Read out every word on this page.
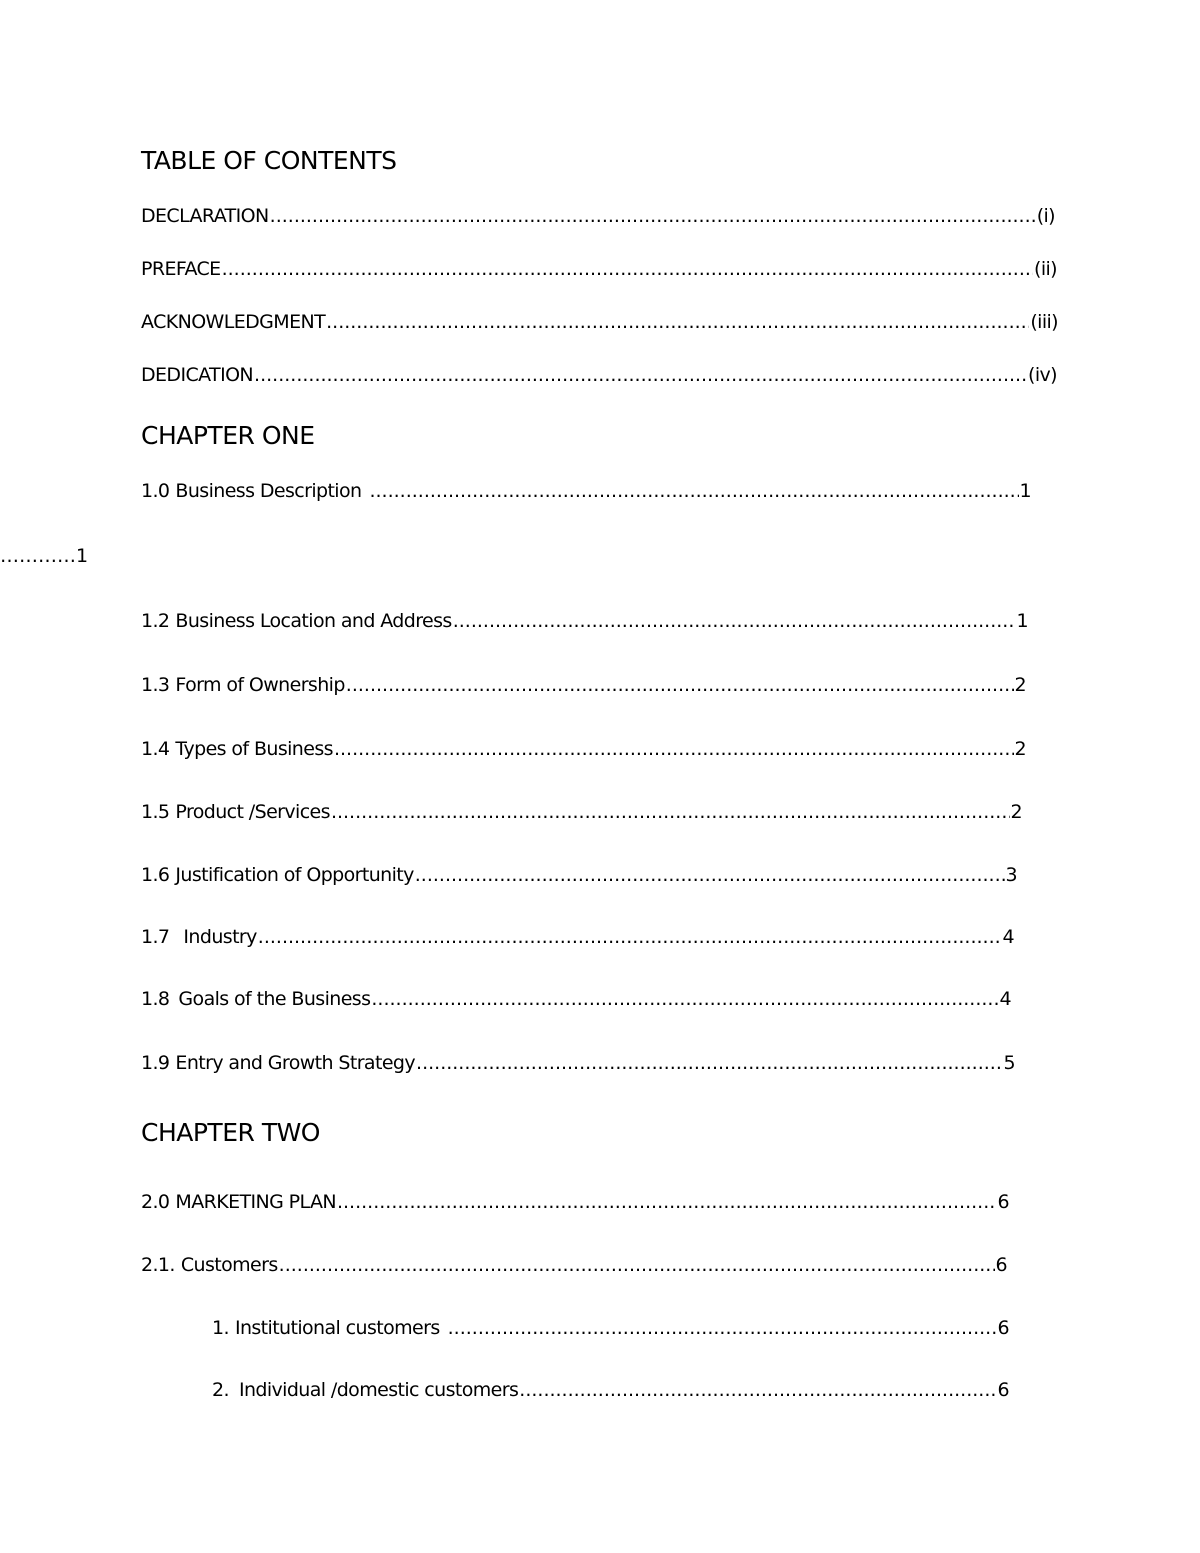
TABLE OF CONTENTS
DECLARATION .....	(i)
PREFACE .....	(ii)
ACKNOWLEDGMENT .....	(iii)
DEDICATION .....	(iv)
CHAPTER ONE
1.0 Business Description .....	1
…………1
1.2 Business Location and Address .....	1
1.3 Form of Ownership .....	2
1.4 Types of Business .....	2
1.5 Product /Services .....	2
1.6 Justification of Opportunity .....	3
1.7 Industry .....	4
1.8 Goals of the Business .....	4
1.9 Entry and Growth Strategy .....	5
CHAPTER TWO
2.0 MARKETING PLAN .....	6
2.1. Customers .....	6
1. Institutional customers .....	6
2. Individual /domestic customers .....	6
